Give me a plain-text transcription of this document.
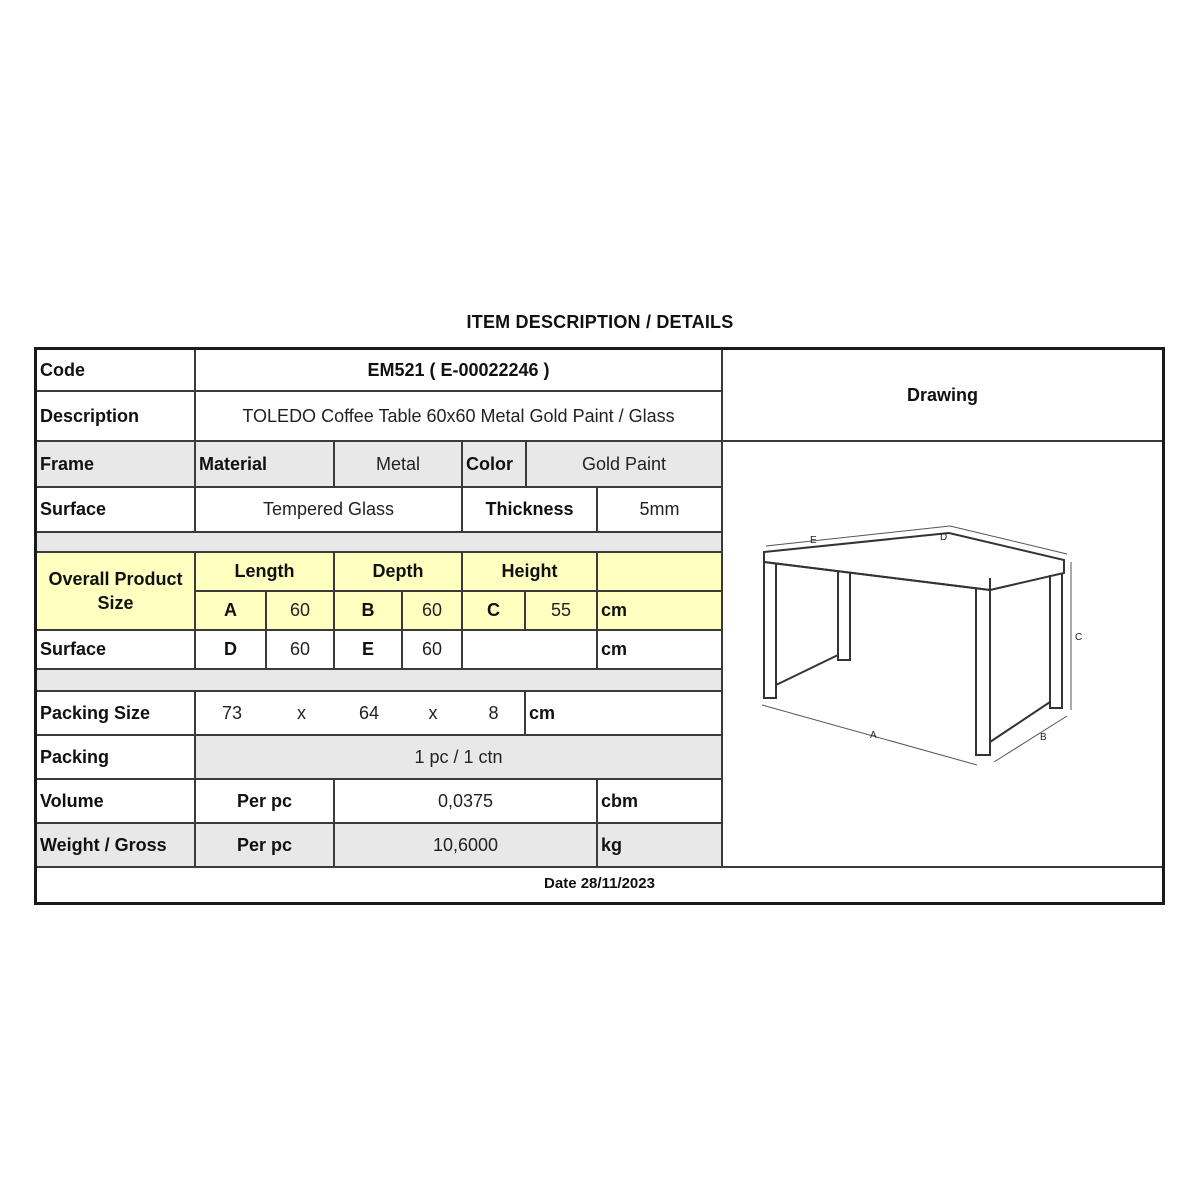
ITEM DESCRIPTION / DETAILS
Code	EM521 ( E-00022246 )
Description	TOLEDO Coffee Table 60x60 Metal Gold Paint / Glass
Drawing
Frame	Material	Metal	Color	Gold Paint
Surface	Tempered Glass	Thickness	5mm
Overall Product Size
Length	Depth	Height
A	60	B	60	C	55	cm
Surface	D	60	E	60	cm
Packing Size	73	x	64	x	8	cm
Packing	1 pc / 1 ctn
Volume	Per pc	0,0375	cbm
Weight / Gross	Per pc	10,6000	kg
E	D
C
A	B
Date 28/11/2023
